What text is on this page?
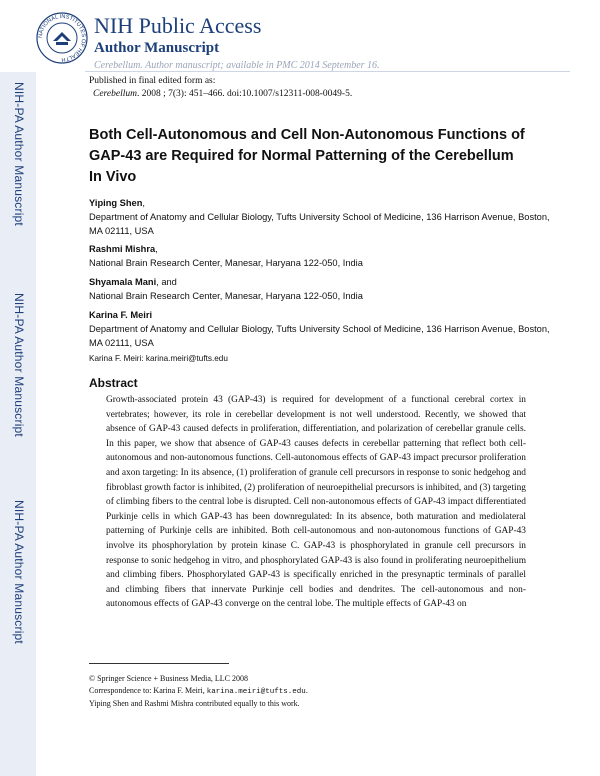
NATIONAL INSTITUTES OF HEALTH
NIH Public Access
Author Manuscript
Cerebellum. Author manuscript; available in PMC 2014 September 16.
NIH-PA Author Manuscript
NIH-PA Author Manuscript
NIH-PA Author Manuscript
Published in final edited form as:
Cerebellum. 2008 ; 7(3): 451–466. doi:10.1007/s12311-008-0049-5.
Both Cell-Autonomous and Cell Non-Autonomous Functions of GAP-43 are Required for Normal Patterning of the Cerebellum In Vivo
Yiping Shen,
Department of Anatomy and Cellular Biology, Tufts University School of Medicine, 136 Harrison Avenue, Boston, MA 02111, USA
Rashmi Mishra,
National Brain Research Center, Manesar, Haryana 122-050, India
Shyamala Mani, and
National Brain Research Center, Manesar, Haryana 122-050, India
Karina F. Meiri
Department of Anatomy and Cellular Biology, Tufts University School of Medicine, 136 Harrison Avenue, Boston, MA 02111, USA
Karina F. Meiri: karina.meiri@tufts.edu
Abstract
Growth-associated protein 43 (GAP-43) is required for development of a functional cerebral cortex in vertebrates; however, its role in cerebellar development is not well understood. Recently, we showed that absence of GAP-43 caused defects in proliferation, differentiation, and polarization of cerebellar granule cells. In this paper, we show that absence of GAP-43 causes defects in cerebellar patterning that reflect both cell-autonomous and non-autonomous functions. Cell-autonomous effects of GAP-43 impact precursor proliferation and axon targeting: In its absence, (1) proliferation of granule cell precursors in response to sonic hedgehog and fibroblast growth factor is inhibited, (2) proliferation of neuroepithelial precursors is inhibited, and (3) targeting of climbing fibers to the central lobe is disrupted. Cell non-autonomous effects of GAP-43 impact differentiated Purkinje cells in which GAP-43 has been downregulated: In its absence, both maturation and mediolateral patterning of Purkinje cells are inhibited. Both cell-autonomous and non-autonomous functions of GAP-43 involve its phosphorylation by protein kinase C. GAP-43 is phosphorylated in granule cell precursors in response to sonic hedgehog in vitro, and phosphorylated GAP-43 is also found in proliferating neuroepithelium and climbing fibers. Phosphorylated GAP-43 is specifically enriched in the presynaptic terminals of parallel and climbing fibers that innervate Purkinje cell bodies and dendrites. The cell-autonomous and non-autonomous effects of GAP-43 converge on the central lobe. The multiple effects of GAP-43 on
© Springer Science + Business Media, LLC 2008
Correspondence to: Karina F. Meiri, karina.meiri@tufts.edu.
Yiping Shen and Rashmi Mishra contributed equally to this work.
